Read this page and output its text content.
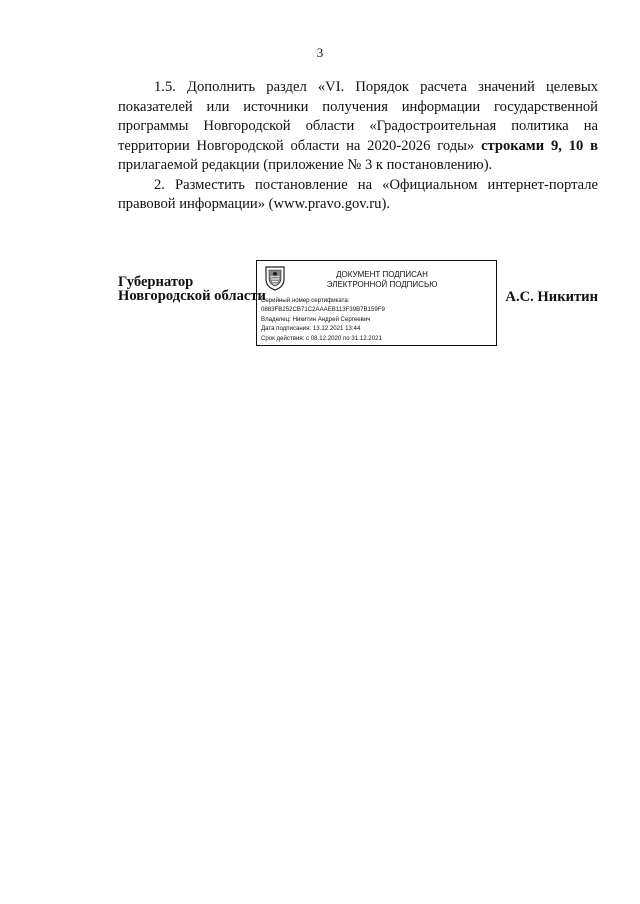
3

1.5. Дополнить раздел «VI. Порядок расчета значений целевых показателей или источники получения информации государственной программы Новгородской области «Градостроительная политика на территории Новгородской области на 2020-2026 годы» строками 9, 10 в прилагаемой редакции (приложение № 3 к постановлению).

2. Разместить постановление на «Официальном интернет-портале правовой информации» (www.pravo.gov.ru).

Губернатор
Новгородской области
ДОКУМЕНТ ПОДПИСАН
ЭЛЕКТРОННОЙ ПОДПИСЬЮ
Серийный номер сертификата:
0883FB252CB71C2AAAEB113F39B7B159F9
Владелец: Никитин Андрей Сергеевич
Дата подписания: 13.12.2021 13:44
Срок действия: с 08.12.2020 по 31.12.2021
А.С. Никитин
